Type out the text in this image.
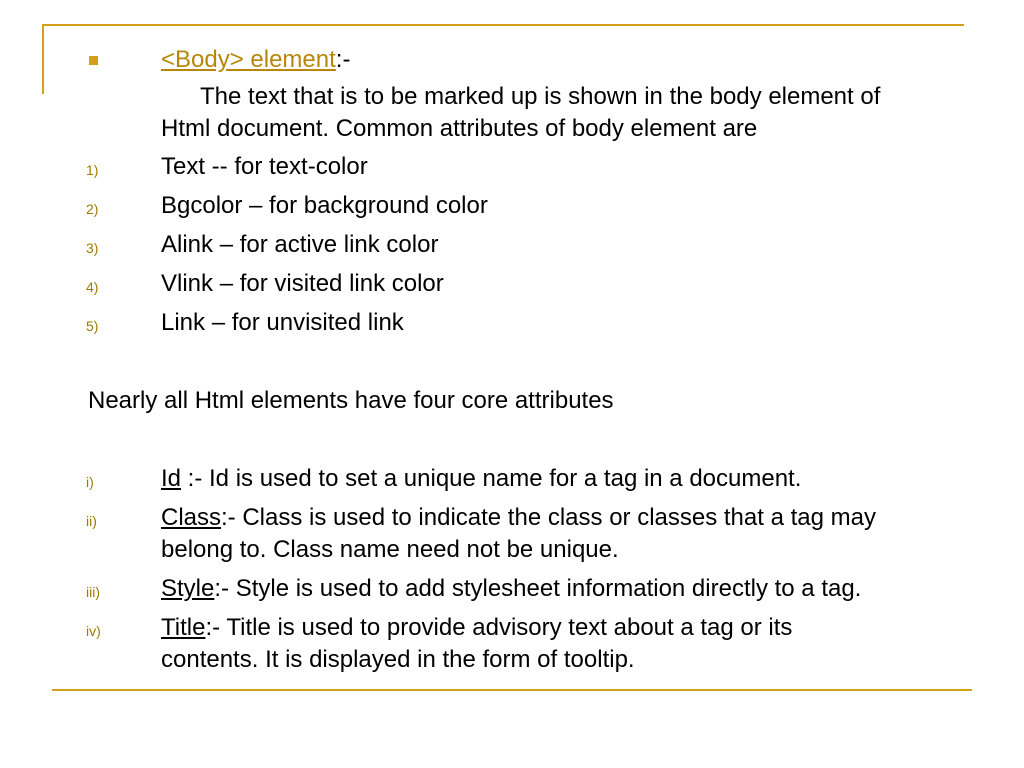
<Body> element:-
The text that is to be marked up is shown in the body element of
Html document. Common attributes of body element are
1)	Text -- for text-color
2)	Bgcolor – for background color
3)	Alink – for active link color
4)	Vlink – for visited link color
5)	Link – for unvisited link
Nearly all Html elements have four core attributes
i)	Id :- Id is used to set a unique name for a tag in a document.
ii)	Class:- Class is used to indicate the class or classes that a tag may
belong to. Class name need not be unique.
iii)	Style:- Style is used to add stylesheet information directly to a tag.
iv)	Title:- Title is used to provide advisory text about a tag or its
contents. It is displayed in the form of tooltip.
